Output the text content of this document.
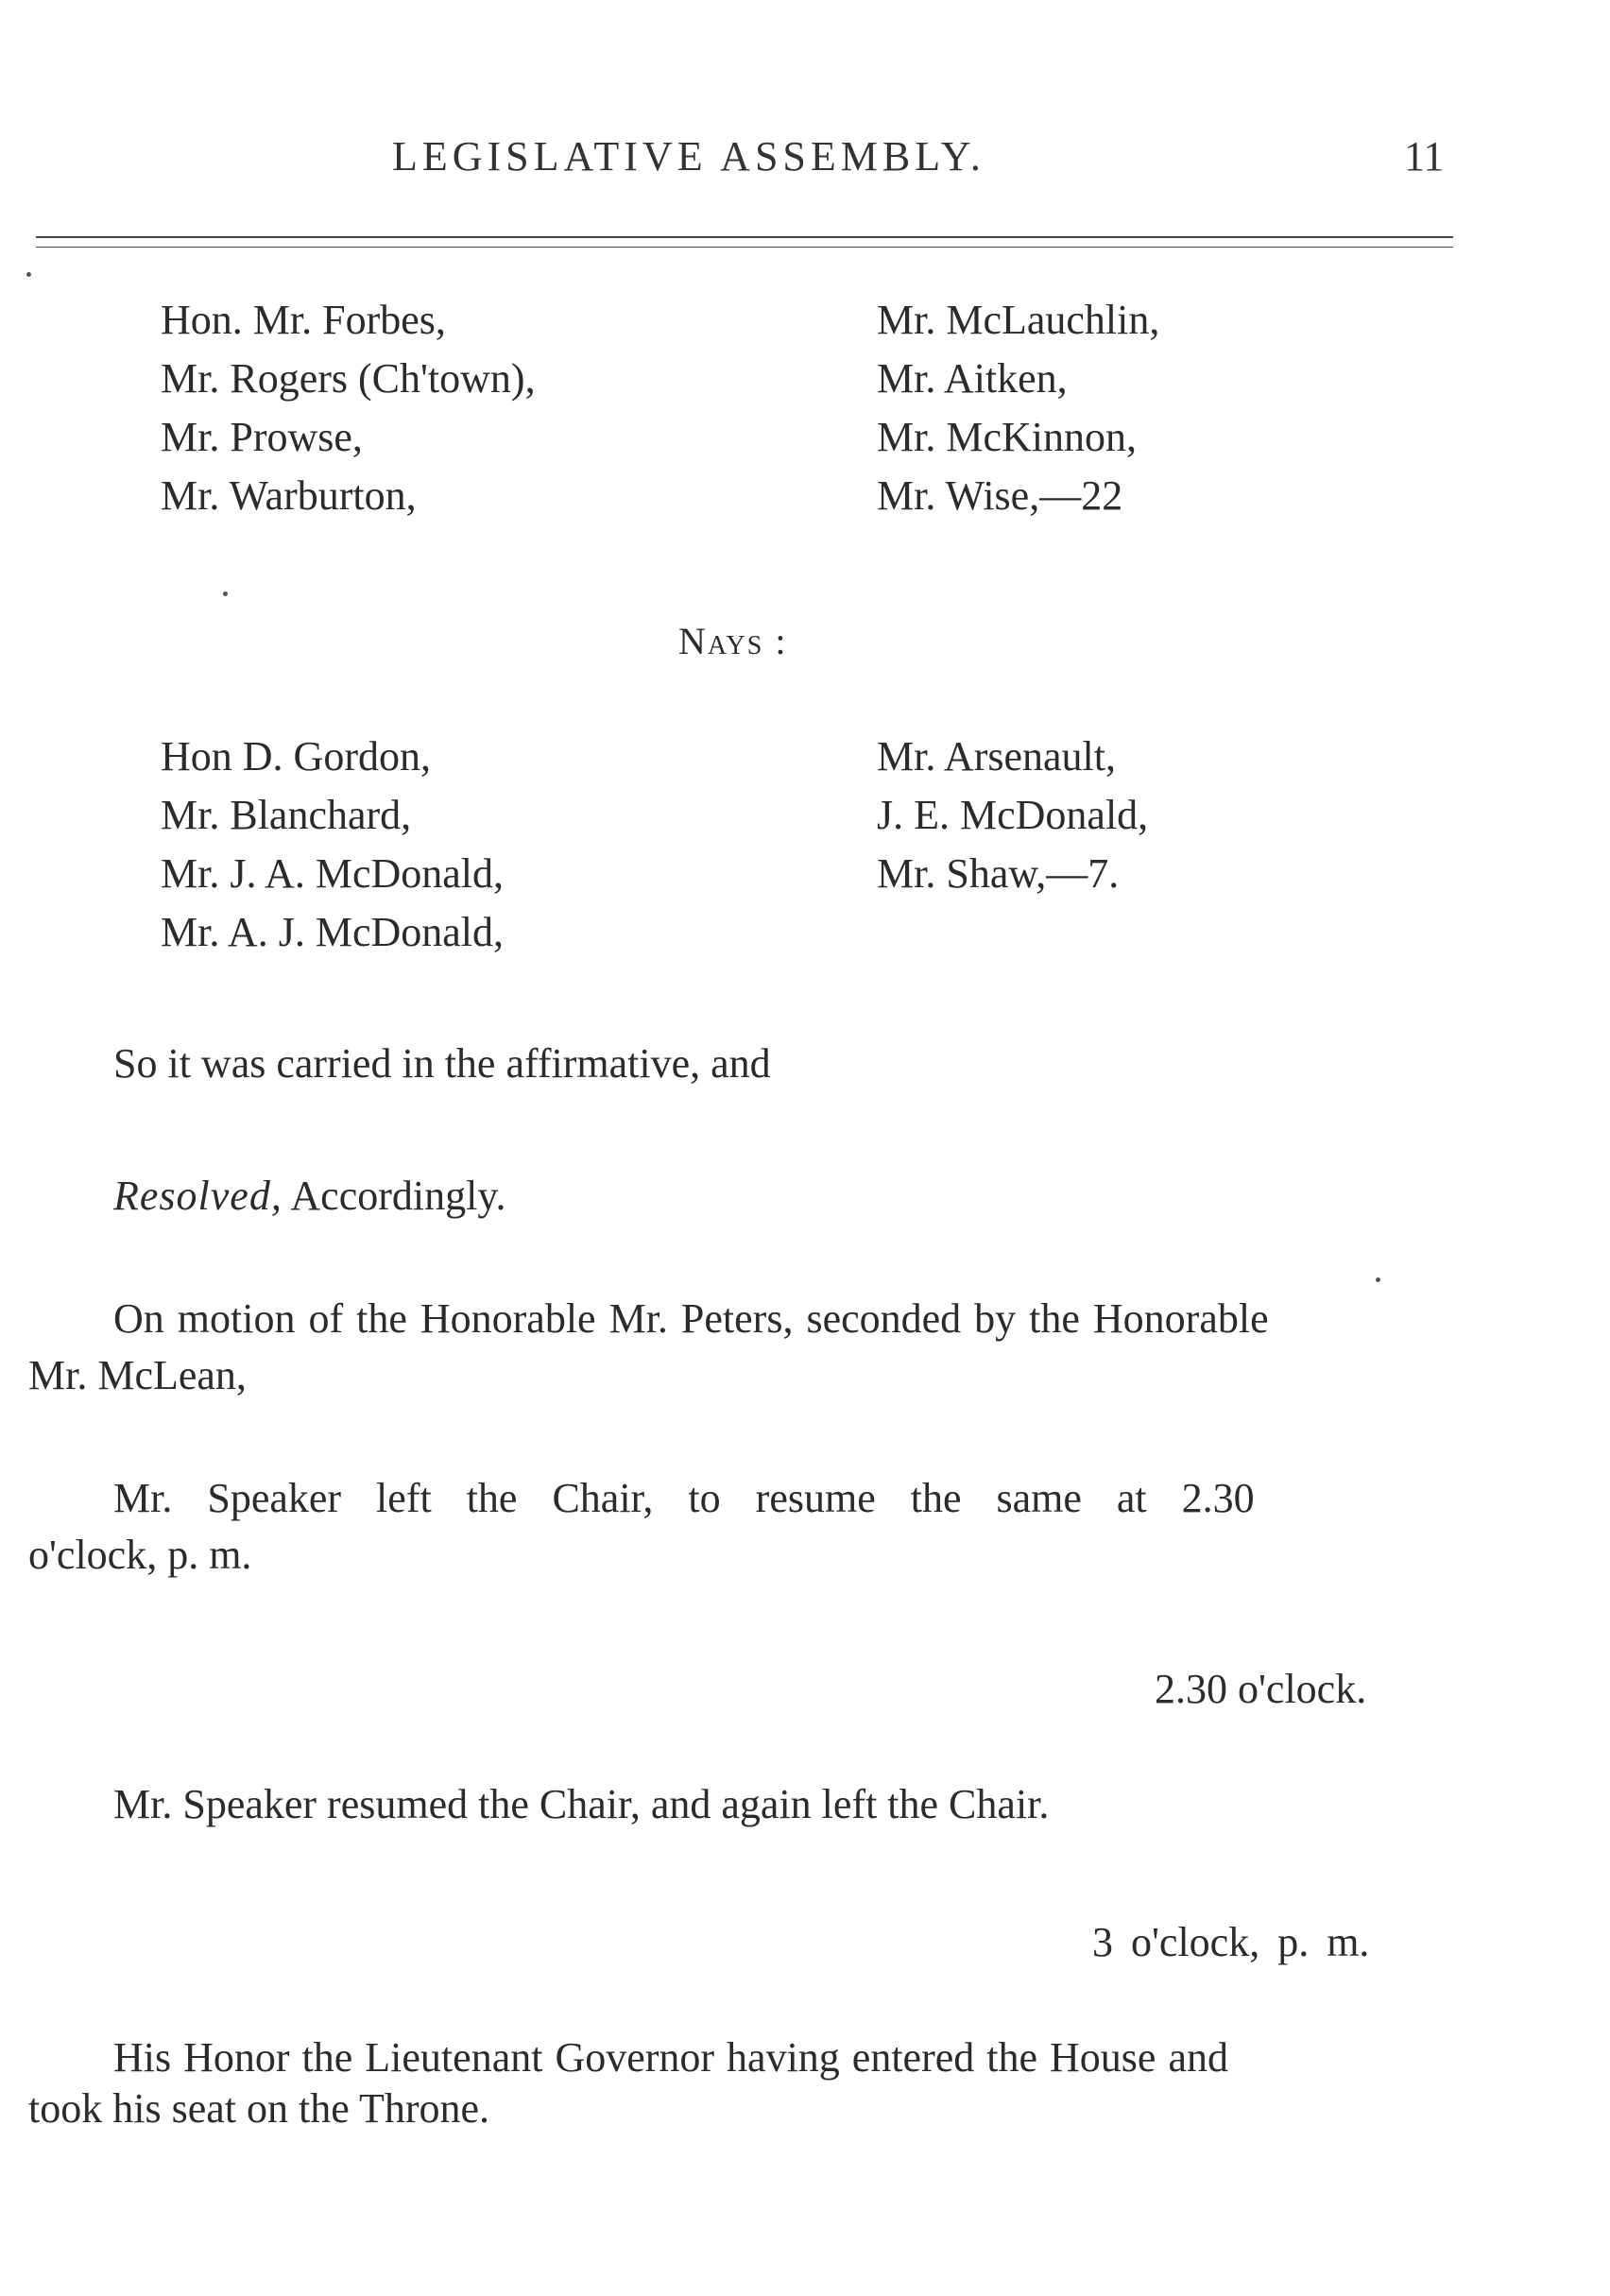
LEGISLATIVE ASSEMBLY.	11
Hon. Mr. Forbes,
Mr. Rogers (Ch'town),
Mr. Prowse,
Mr. Warburton,
Mr. McLauchlin,
Mr. Aitken,
Mr. McKinnon,
Mr. Wise,—22
Nays :
Hon D. Gordon,
Mr. Blanchard,
Mr. J. A. McDonald,
Mr. A. J. McDonald,
Mr. Arsenault,
J. E. McDonald,
Mr. Shaw,—7.
So it was carried in the affirmative, and
Resolved, Accordingly.
On motion of the Honorable Mr. Peters, seconded by the Honorable
Mr. McLean,
Mr. Speaker left the Chair, to resume the same at 2.30
o'clock, p. m.
2.30 o'clock.
Mr. Speaker resumed the Chair, and again left the Chair.
3 o'clock, p. m.
His Honor the Lieutenant Governor having entered the House and
took his seat on the Throne.
